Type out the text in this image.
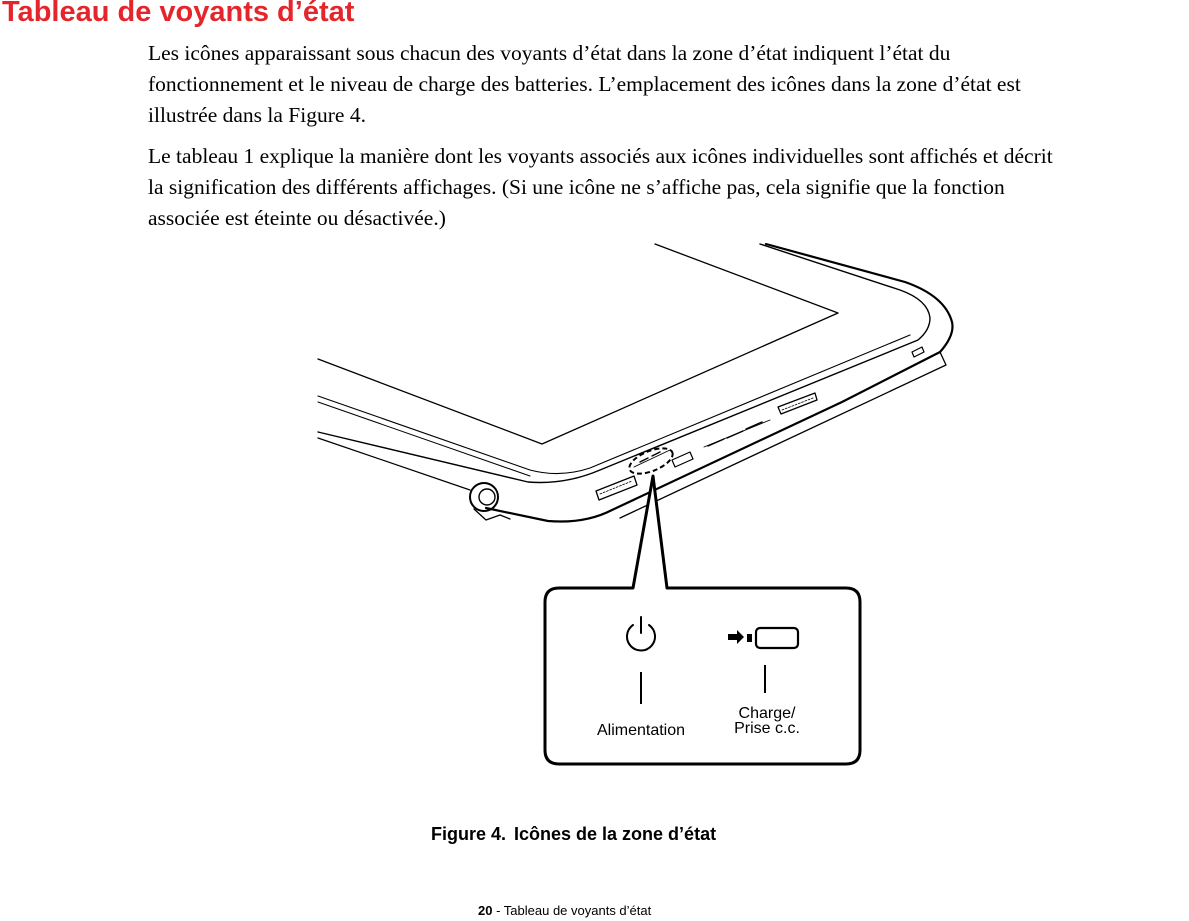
Tableau de voyants d’état

Les icônes apparaissant sous chacun des voyants d’état dans la zone d’état indiquent l’état du
fonctionnement et le niveau de charge des batteries. L’emplacement des icônes dans la zone d’état est
illustrée dans la Figure 4.

Le tableau 1 explique la manière dont les voyants associés aux icônes individuelles sont affichés et décrit
la signification des différents affichages. (Si une icône ne s’affiche pas, cela signifie que la fonction
associée est éteinte ou désactivée.)

Alimentation
Charge/
Prise c.c.
Figure 4. Icônes de la zone d’état
20 - Tableau de voyants d’état
